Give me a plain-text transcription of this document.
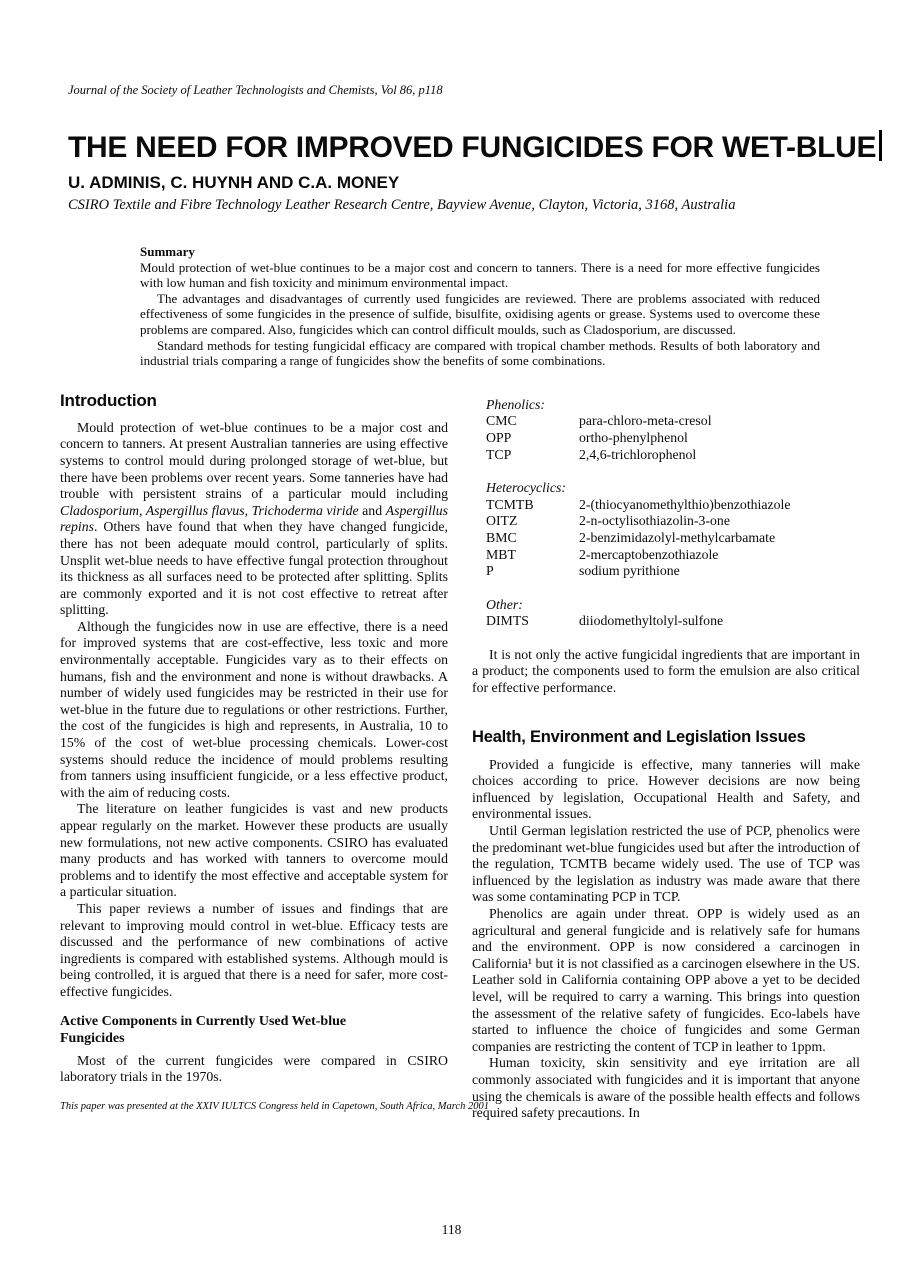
Journal of the Society of Leather Technologists and Chemists, Vol 86, p118
THE NEED FOR IMPROVED FUNGICIDES FOR WET-BLUE
U. ADMINIS, C. HUYNH AND C.A. MONEY
CSIRO Textile and Fibre Technology Leather Research Centre, Bayview Avenue, Clayton, Victoria, 3168, Australia
Summary

Mould protection of wet-blue continues to be a major cost and concern to tanners. There is a need for more effective fungicides with low human and fish toxicity and minimum environmental impact.

The advantages and disadvantages of currently used fungicides are reviewed. There are problems associated with reduced effectiveness of some fungicides in the presence of sulfide, bisulfite, oxidising agents or grease. Systems used to overcome these problems are compared. Also, fungicides which can control difficult moulds, such as Cladosporium, are discussed.

Standard methods for testing fungicidal efficacy are compared with tropical chamber methods. Results of both laboratory and industrial trials comparing a range of fungicides show the benefits of some combinations.

Introduction

Mould protection of wet-blue continues to be a major cost and concern to tanners. At present Australian tanneries are using effective systems to control mould during prolonged storage of wet-blue, but there have been problems over recent years. Some tanneries have had trouble with persistent strains of a particular mould including Cladosporium, Aspergillus flavus, Trichoderma viride and Aspergillus repins. Others have found that when they have changed fungicide, there has not been adequate mould control, particularly of splits. Unsplit wet-blue needs to have effective fungal protection throughout its thickness as all surfaces need to be protected after splitting. Splits are commonly exported and it is not cost effective to retreat after splitting.

Although the fungicides now in use are effective, there is a need for improved systems that are cost-effective, less toxic and more environmentally acceptable. Fungicides vary as to their effects on humans, fish and the environment and none is without drawbacks. A number of widely used fungicides may be restricted in their use for wet-blue in the future due to regulations or other restrictions. Further, the cost of the fungicides is high and represents, in Australia, 10 to 15% of the cost of wet-blue processing chemicals. Lower-cost systems should reduce the incidence of mould problems resulting from tanners using insufficient fungicide, or a less effective product, with the aim of reducing costs.

The literature on leather fungicides is vast and new products appear regularly on the market. However these products are usually new formulations, not new active components. CSIRO has evaluated many products and has worked with tanners to overcome mould problems and to identify the most effective and acceptable system for a particular situation.

This paper reviews a number of issues and findings that are relevant to improving mould control in wet-blue. Efficacy tests are discussed and the performance of new combinations of active ingredients is compared with established systems. Although mould is being controlled, it is argued that there is a need for safer, more cost-effective fungicides.

Active Components in Currently Used Wet-blue Fungicides

Most of the current fungicides were compared in CSIRO laboratory trials in the 1970s.

This paper was presented at the XXIV IULTCS Congress held in Capetown, South Africa, March 2001
Phenolics:
CMC	para-chloro-meta-cresol
OPP	ortho-phenylphenol
TCP	2,4,6-trichlorophenol
Heterocyclics:
TCMTB	2-(thiocyanomethylthio)benzothiazole
OITZ	2-n-octylisothiazolin-3-one
BMC	2-benzimidazolyl-methylcarbamate
MBT	2-mercaptobenzothiazole
P	sodium pyrithione
Other:
DIMTS	diiodomethyltolyl-sulfone

It is not only the active fungicidal ingredients that are important in a product; the components used to form the emulsion are also critical for effective performance.

Health, Environment and Legislation Issues

Provided a fungicide is effective, many tanneries will make choices according to price. However decisions are now being influenced by legislation, Occupational Health and Safety, and environmental issues.

Until German legislation restricted the use of PCP, phenolics were the predominant wet-blue fungicides used but after the introduction of the regulation, TCMTB became widely used. The use of TCP was influenced by the legislation as industry was made aware that there was some contaminating PCP in TCP.

Phenolics are again under threat. OPP is widely used as an agricultural and general fungicide and is relatively safe for humans and the environment. OPP is now considered a carcinogen in California¹ but it is not classified as a carcinogen elsewhere in the US. Leather sold in California containing OPP above a yet to be decided level, will be required to carry a warning. This brings into question the assessment of the relative safety of fungicides. Eco-labels have started to influence the choice of fungicides and some German companies are restricting the content of TCP in leather to 1ppm.

Human toxicity, skin sensitivity and eye irritation are all commonly associated with fungicides and it is important that anyone using the chemicals is aware of the possible health effects and follows required safety precautions. In

118
